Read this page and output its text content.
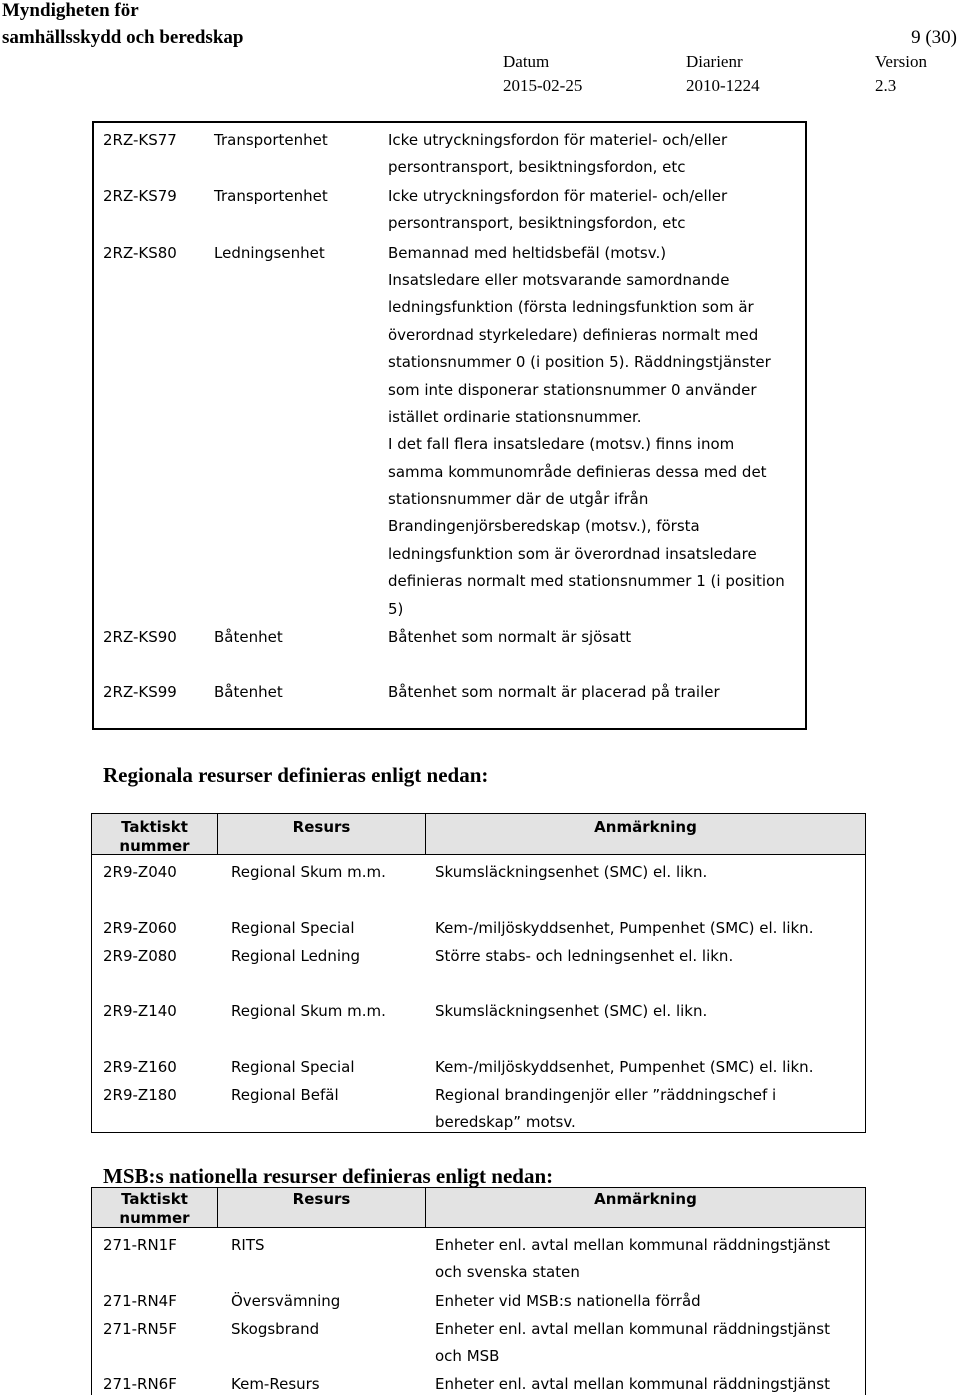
Myndigheten för
samhällsskydd och beredskap	9 (30)
Datum	Diarienr	Version
2015-02-25	2010-1224	2.3
2RZ-KS77 Transportenhet	Icke utryckningsfordon för materiel- och/eller
persontransport, besiktningsfordon, etc
2RZ-KS79 Transportenhet	Icke utryckningsfordon för materiel- och/eller
persontransport, besiktningsfordon, etc
2RZ-KS80 Ledningsenhet	Bemannad med heltidsbefäl (motsv.)
Insatsledare eller motsvarande samordnande
ledningsfunktion (första ledningsfunktion som är
överordnad styrkeledare) definieras normalt med
stationsnummer 0 (i position 5). Räddningstjänster
som inte disponerar stationsnummer 0 använder
istället ordinarie stationsnummer.
I det fall flera insatsledare (motsv.) finns inom
samma kommunområde definieras dessa med det
stationsnummer där de utgår ifrån
Brandingenjörsberedskap (motsv.), första
ledningsfunktion som är överordnad insatsledare
definieras normalt med stationsnummer 1 (i position
5)
2RZ-KS90 Båtenhet	Båtenhet som normalt är sjösatt
2RZ-KS99 Båtenhet	Båtenhet som normalt är placerad på trailer
Regionala resurser definieras enligt nedan:
Taktiskt
nummer
Resurs	Anmärkning
2R9-Z040	Regional Skum m.m.	Skumsläckningsenhet (SMC) el. likn.
2R9-Z060	Regional Special	Kem-/miljöskyddsenhet, Pumpenhet (SMC) el. likn.
2R9-Z080	Regional Ledning	Större stabs- och ledningsenhet el. likn.
2R9-Z140	Regional Skum m.m.	Skumsläckningsenhet (SMC) el. likn.
2R9-Z160	Regional Special	Kem-/miljöskyddsenhet, Pumpenhet (SMC) el. likn.
2R9-Z180	Regional Befäl	Regional brandingenjör eller ”räddningschef i
beredskap” motsv.
MSB:s nationella resurser definieras enligt nedan:
Taktiskt
nummer
Resurs	Anmärkning
271-RN1F	RITS	Enheter enl. avtal mellan kommunal räddningstjänst
och svenska staten
271-RN4F	Översvämning	Enheter vid MSB:s nationella förråd
271-RN5F	Skogsbrand	Enheter enl. avtal mellan kommunal räddningstjänst
och MSB
271-RN6F	Kem-Resurs	Enheter enl. avtal mellan kommunal räddningstjänst
